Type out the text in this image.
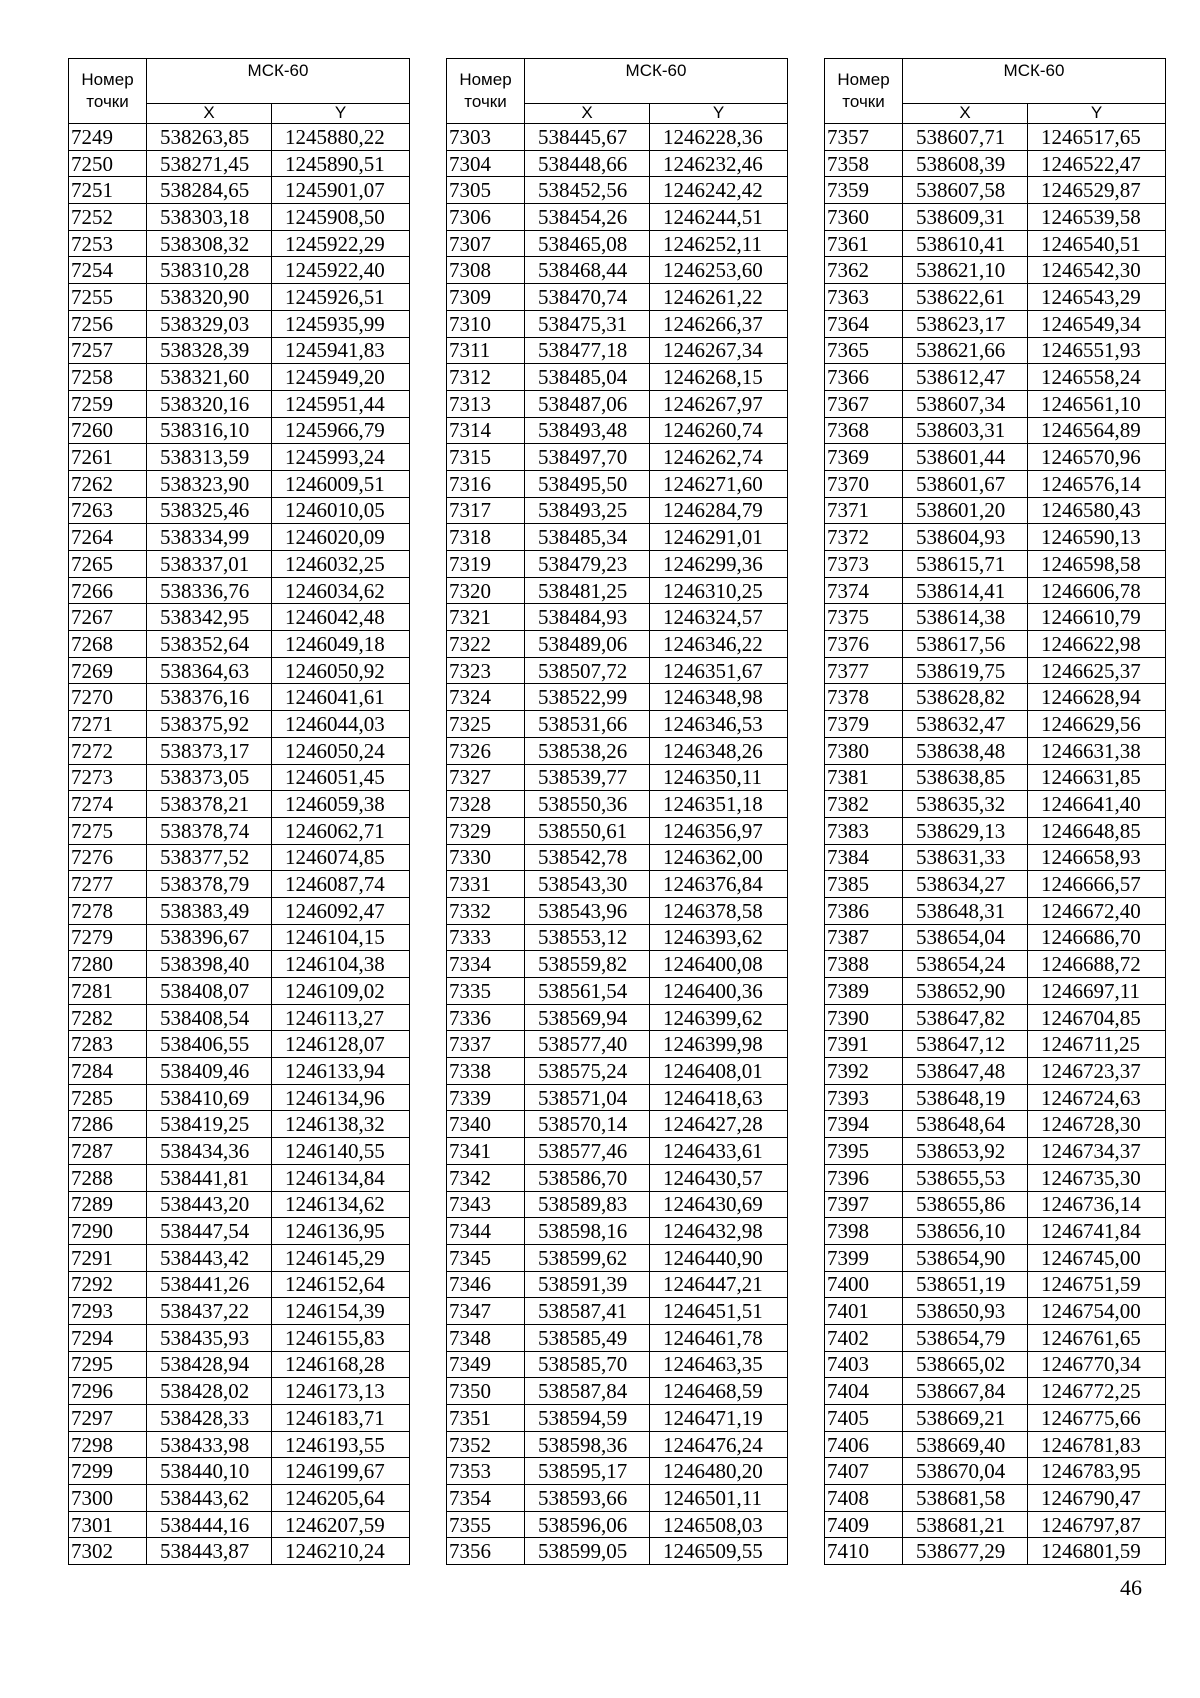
Номер точки	МСК-60	
	X	Y
7249	538263,85	1245880,22
7250	538271,45	1245890,51
7251	538284,65	1245901,07
7252	538303,18	1245908,50
7253	538308,32	1245922,29
7254	538310,28	1245922,40
7255	538320,90	1245926,51
7256	538329,03	1245935,99
7257	538328,39	1245941,83
7258	538321,60	1245949,20
7259	538320,16	1245951,44
7260	538316,10	1245966,79
7261	538313,59	1245993,24
7262	538323,90	1246009,51
7263	538325,46	1246010,05
7264	538334,99	1246020,09
7265	538337,01	1246032,25
7266	538336,76	1246034,62
7267	538342,95	1246042,48
7268	538352,64	1246049,18
7269	538364,63	1246050,92
7270	538376,16	1246041,61
7271	538375,92	1246044,03
7272	538373,17	1246050,24
7273	538373,05	1246051,45
7274	538378,21	1246059,38
7275	538378,74	1246062,71
7276	538377,52	1246074,85
7277	538378,79	1246087,74
7278	538383,49	1246092,47
7279	538396,67	1246104,15
7280	538398,40	1246104,38
7281	538408,07	1246109,02
7282	538408,54	1246113,27
7283	538406,55	1246128,07
7284	538409,46	1246133,94
7285	538410,69	1246134,96
7286	538419,25	1246138,32
7287	538434,36	1246140,55
7288	538441,81	1246134,84
7289	538443,20	1246134,62
7290	538447,54	1246136,95
7291	538443,42	1246145,29
7292	538441,26	1246152,64
7293	538437,22	1246154,39
7294	538435,93	1246155,83
7295	538428,94	1246168,28
7296	538428,02	1246173,13
7297	538428,33	1246183,71
7298	538433,98	1246193,55
7299	538440,10	1246199,67
7300	538443,62	1246205,64
7301	538444,16	1246207,59
7302	538443,87	1246210,24
Номер точки	МСК-60	
	X	Y
7303	538445,67	1246228,36
7304	538448,66	1246232,46
7305	538452,56	1246242,42
7306	538454,26	1246244,51
7307	538465,08	1246252,11
7308	538468,44	1246253,60
7309	538470,74	1246261,22
7310	538475,31	1246266,37
7311	538477,18	1246267,34
7312	538485,04	1246268,15
7313	538487,06	1246267,97
7314	538493,48	1246260,74
7315	538497,70	1246262,74
7316	538495,50	1246271,60
7317	538493,25	1246284,79
7318	538485,34	1246291,01
7319	538479,23	1246299,36
7320	538481,25	1246310,25
7321	538484,93	1246324,57
7322	538489,06	1246346,22
7323	538507,72	1246351,67
7324	538522,99	1246348,98
7325	538531,66	1246346,53
7326	538538,26	1246348,26
7327	538539,77	1246350,11
7328	538550,36	1246351,18
7329	538550,61	1246356,97
7330	538542,78	1246362,00
7331	538543,30	1246376,84
7332	538543,96	1246378,58
7333	538553,12	1246393,62
7334	538559,82	1246400,08
7335	538561,54	1246400,36
7336	538569,94	1246399,62
7337	538577,40	1246399,98
7338	538575,24	1246408,01
7339	538571,04	1246418,63
7340	538570,14	1246427,28
7341	538577,46	1246433,61
7342	538586,70	1246430,57
7343	538589,83	1246430,69
7344	538598,16	1246432,98
7345	538599,62	1246440,90
7346	538591,39	1246447,21
7347	538587,41	1246451,51
7348	538585,49	1246461,78
7349	538585,70	1246463,35
7350	538587,84	1246468,59
7351	538594,59	1246471,19
7352	538598,36	1246476,24
7353	538595,17	1246480,20
7354	538593,66	1246501,11
7355	538596,06	1246508,03
7356	538599,05	1246509,55
Номер точки	МСК-60	
	X	Y
7357	538607,71	1246517,65
7358	538608,39	1246522,47
7359	538607,58	1246529,87
7360	538609,31	1246539,58
7361	538610,41	1246540,51
7362	538621,10	1246542,30
7363	538622,61	1246543,29
7364	538623,17	1246549,34
7365	538621,66	1246551,93
7366	538612,47	1246558,24
7367	538607,34	1246561,10
7368	538603,31	1246564,89
7369	538601,44	1246570,96
7370	538601,67	1246576,14
7371	538601,20	1246580,43
7372	538604,93	1246590,13
7373	538615,71	1246598,58
7374	538614,41	1246606,78
7375	538614,38	1246610,79
7376	538617,56	1246622,98
7377	538619,75	1246625,37
7378	538628,82	1246628,94
7379	538632,47	1246629,56
7380	538638,48	1246631,38
7381	538638,85	1246631,85
7382	538635,32	1246641,40
7383	538629,13	1246648,85
7384	538631,33	1246658,93
7385	538634,27	1246666,57
7386	538648,31	1246672,40
7387	538654,04	1246686,70
7388	538654,24	1246688,72
7389	538652,90	1246697,11
7390	538647,82	1246704,85
7391	538647,12	1246711,25
7392	538647,48	1246723,37
7393	538648,19	1246724,63
7394	538648,64	1246728,30
7395	538653,92	1246734,37
7396	538655,53	1246735,30
7397	538655,86	1246736,14
7398	538656,10	1246741,84
7399	538654,90	1246745,00
7400	538651,19	1246751,59
7401	538650,93	1246754,00
7402	538654,79	1246761,65
7403	538665,02	1246770,34
7404	538667,84	1246772,25
7405	538669,21	1246775,66
7406	538669,40	1246781,83
7407	538670,04	1246783,95
7408	538681,58	1246790,47
7409	538681,21	1246797,87
7410	538677,29	1246801,59
46
